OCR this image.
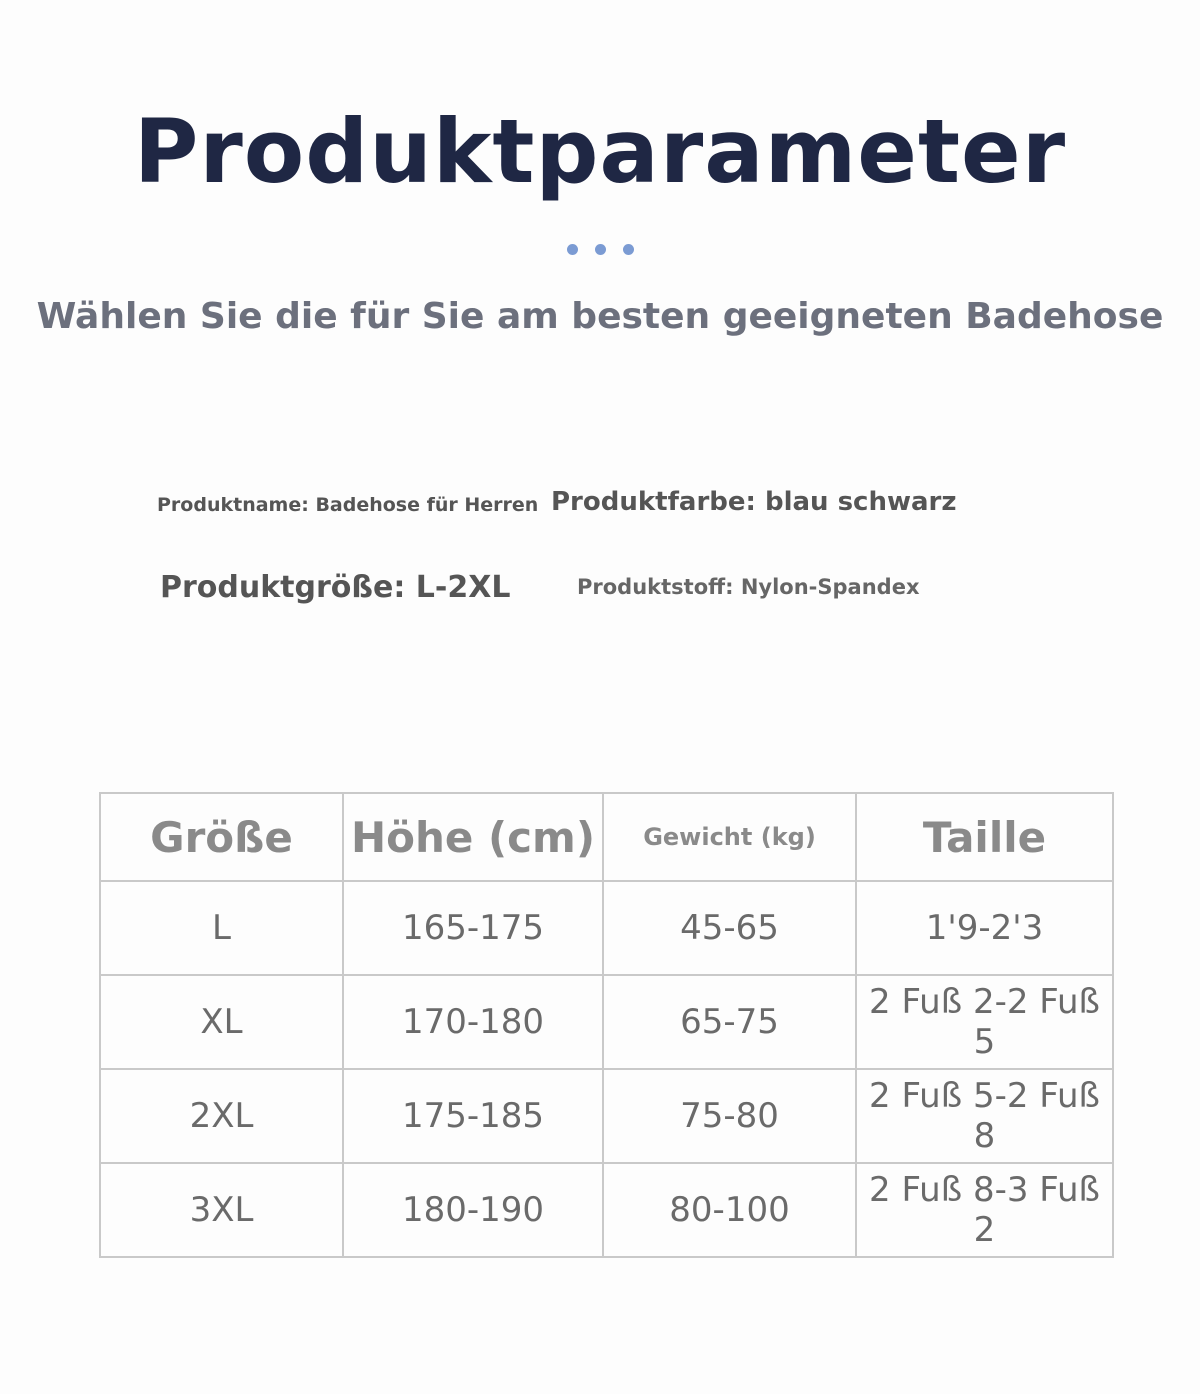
Produktparameter
Wählen Sie die für Sie am besten geeigneten Badehose
Produktname: Badehose für Herren Produktfarbe: blau schwarz
Produktgröße: L-2XL	Produktstoff: Nylon-Spandex
Größe	Höhe (cm)	Gewicht (kg)	Taille
L	165-175	45-65	1'9-2'3
XL	170-180	65-75	2 Fuß 2-2 Fuß 5
2XL	175-185	75-80	2 Fuß 5-2 Fuß 8
3XL	180-190	80-100	2 Fuß 8-3 Fuß 2
